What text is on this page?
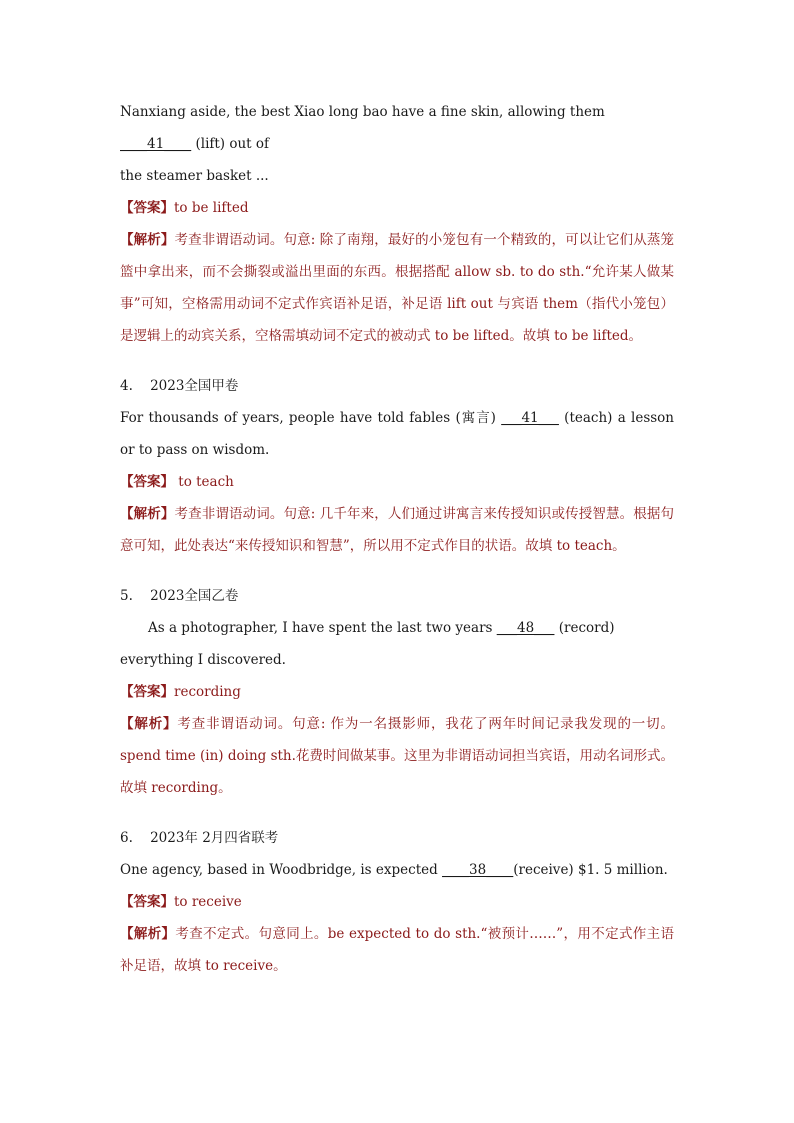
Nanxiang aside, the best Xiao long bao have a fine skin, allowing them ____41____ (lift) out of
the steamer basket ...

【答案】to be lifted

【解析】考查非谓语动词。句意: 除了南翔，最好的小笼包有一个精致的，可以让它们从蒸笼篮中拿出来，而不会撕裂或溢出里面的东西。根据搭配 allow sb. to do sth.“允许某人做某事”可知，空格需用动词不定式作宾语补足语，补足语 lift out 与宾语 them（指代小笼包）是逻辑上的动宾关系，空格需填动词不定式的被动式 to be lifted。故填 to be lifted。

4. 2023全国甲卷

For thousands of years, people have told fables (寓言) ___41___ (teach) a lesson or to pass on wisdom.

【答案】 to teach

【解析】考查非谓语动词。句意: 几千年来，人们通过讲寓言来传授知识或传授智慧。根据句意可知，此处表达“来传授知识和智慧”，所以用不定式作目的状语。故填 to teach。

5. 2023全国乙卷

As a photographer, I have spent the last two years ___48___ (record) everything I discovered.

【答案】recording

【解析】考查非谓语动词。句意: 作为一名摄影师，我花了两年时间记录我发现的一切。spend time (in) doing sth.花费时间做某事。这里为非谓语动词担当宾语，用动名词形式。故填 recording。

6. 2023年 2月四省联考

One agency, based in Woodbridge, is expected ____38____(receive) $1. 5 million.

【答案】to receive

【解析】考查不定式。句意同上。be expected to do sth.“被预计……”，用不定式作主语补足语，故填 to receive。
